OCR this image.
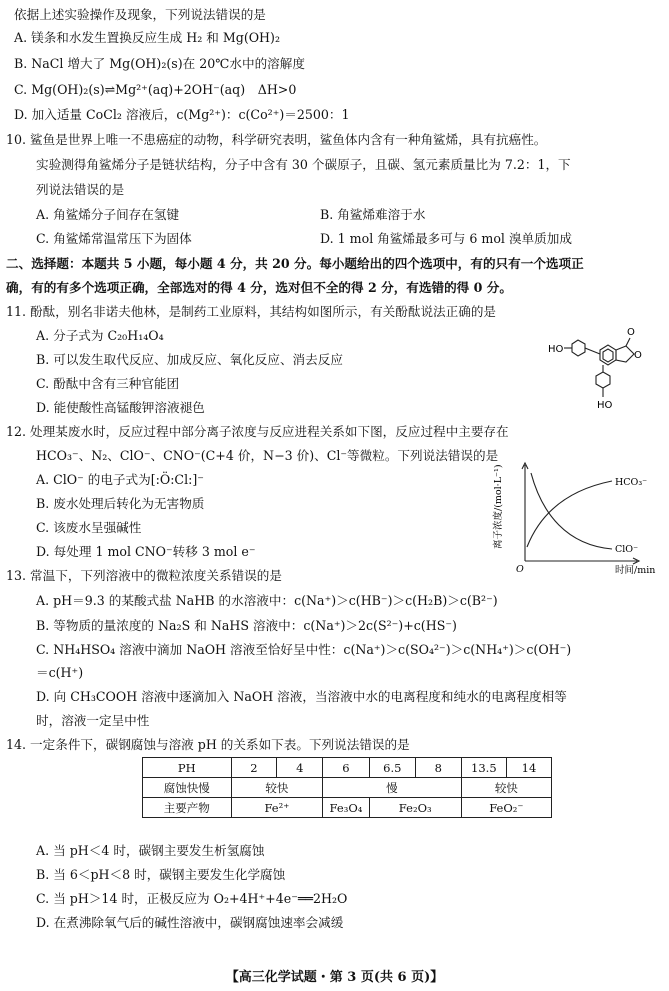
依据上述实验操作及现象，下列说法错误的是
A. 镁条和水发生置换反应生成 H₂ 和 Mg(OH)₂
B. NaCl 增大了 Mg(OH)₂(s)在 20℃水中的溶解度
C. Mg(OH)₂(s)⇌Mg²⁺(aq)+2OH⁻(aq)　ΔH>0
D. 加入适量 CoCl₂ 溶液后，c(Mg²⁺)：c(Co²⁺)＝2500：1
10. 鲨鱼是世界上唯一不患癌症的动物，科学研究表明，鲨鱼体内含有一种角鲨烯，具有抗癌性。
实验测得角鲨烯分子是链状结构，分子中含有 30 个碳原子，且碳、氢元素质量比为 7.2：1，下
列说法错误的是
A. 角鲨烯分子间存在氢键	B. 角鲨烯难溶于水
C. 角鲨烯常温常压下为固体	D. 1 mol 角鲨烯最多可与 6 mol 溴单质加成
二、选择题：本题共 5 小题，每小题 4 分，共 20 分。每小题给出的四个选项中，有的只有一个选项正
确，有的有多个选项正确，全部选对的得 4 分，选对但不全的得 2 分，有选错的得 0 分。
11. 酚酞，别名非诺夫他林，是制药工业原料，其结构如图所示，有关酚酞说法正确的是
A. 分子式为 C₂₀H₁₄O₄
B. 可以发生取代反应、加成反应、氧化反应、消去反应
C. 酚酞中含有三种官能团
D. 能使酸性高锰酸钾溶液褪色
12. 处理某废水时，反应过程中部分离子浓度与反应进程关系如下图，反应过程中主要存在
HCO₃⁻、N₂、ClO⁻、CNO⁻(C+4 价，N−3 价)、Cl⁻等微粒。下列说法错误的是
A. ClO⁻ 的电子式为[:Ö:Cl:]⁻
B. 废水处理后转化为无害物质
C. 该废水呈强碱性
D. 每处理 1 mol CNO⁻转移 3 mol e⁻
13. 常温下，下列溶液中的微粒浓度关系错误的是
A. pH＝9.3 的某酸式盐 NaHB 的水溶液中：c(Na⁺)＞c(HB⁻)＞c(H₂B)＞c(B²⁻)
B. 等物质的量浓度的 Na₂S 和 NaHS 溶液中：c(Na⁺)＞2c(S²⁻)+c(HS⁻)
C. NH₄HSO₄ 溶液中滴加 NaOH 溶液至恰好呈中性：c(Na⁺)＞c(SO₄²⁻)＞c(NH₄⁺)＞c(OH⁻)
＝c(H⁺)
D. 向 CH₃COOH 溶液中逐滴加入 NaOH 溶液，当溶液中水的电离程度和纯水的电离程度相等
时，溶液一定呈中性
14. 一定条件下，碳钢腐蚀与溶液 pH 的关系如下表。下列说法错误的是
PH	2	4	6	6.5	8	13.5	14
腐蚀快慢	较快		慢			较快	
主要产物	Fe²⁺		Fe₃O₄	Fe₂O₃		FeO₂⁻	
A. 当 pH＜4 时，碳钢主要发生析氢腐蚀
B. 当 6＜pH＜8 时，碳钢主要发生化学腐蚀
C. 当 pH＞14 时，正极反应为 O₂+4H⁺+4e⁻══2H₂O
D. 在煮沸除氧气后的碱性溶液中，碳钢腐蚀速率会减缓
【高三化学试题・第 3 页(共 6 页)】
HO
HO
O
O
离子浓度/(mol·L⁻¹)
时间/min
O
HCO₃⁻
ClO⁻
